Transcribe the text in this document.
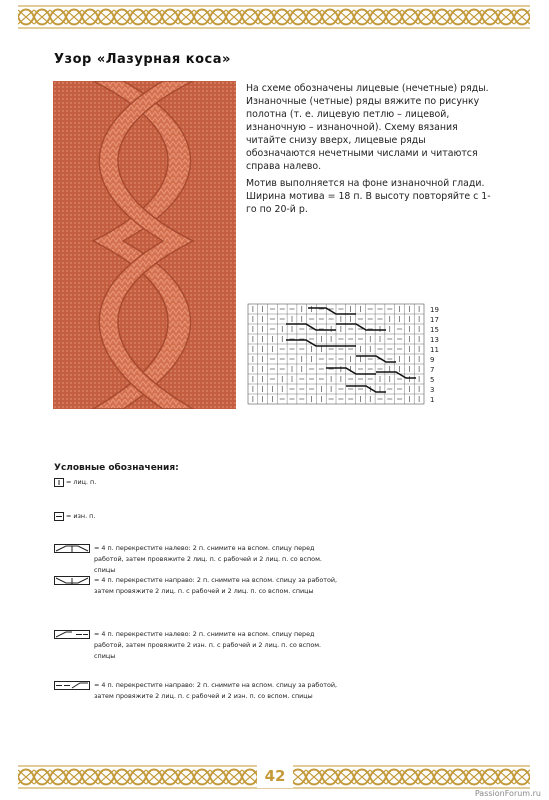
Узор «Лазурная коса»

На схеме обозначены лицевые (нечетные) ряды. Изнаночные (четные) ряды вяжите по рисунку полотна (т. е. лицевую петлю – лицевой, изнаночную – изнаночной). Схему вязания читайте снизу вверх, лицевые ряды обозначаются нечетными числами и читаются справа налево.

Мотив выполняется на фоне изнаночной глади. Ширина мотива = 18 п. В высоту повторяйте с 1-го по 20-й р.

19
17
15
13
11
9
7
5
3
1

Условные обозначения:

= лиц. п.
= изн. п.
= 4 п. перекрестите налево: 2 п. снимите на вспом. спицу перед работой, затем провяжите 2 лиц. п. с рабочей и 2 лиц. п. со вспом. спицы
= 4 п. перекрестите направо: 2 п. снимите на вспом. спицу за работой, затем провяжите 2 лиц. п. с рабочей и 2 лиц. п. со вспом. спицы
= 4 п. перекрестите налево: 2 п. снимите на вспом. спицу перед работой, затем провяжите 2 изн. п. с рабочей и 2 лиц. п. со вспом. спицы
= 4 п. перекрестите направо: 2 п. снимите на вспом. спицу за работой, затем провяжите 2 лиц. п. с рабочей и 2 изн. п. со вспом. спицы
42
PassionForum.ru
